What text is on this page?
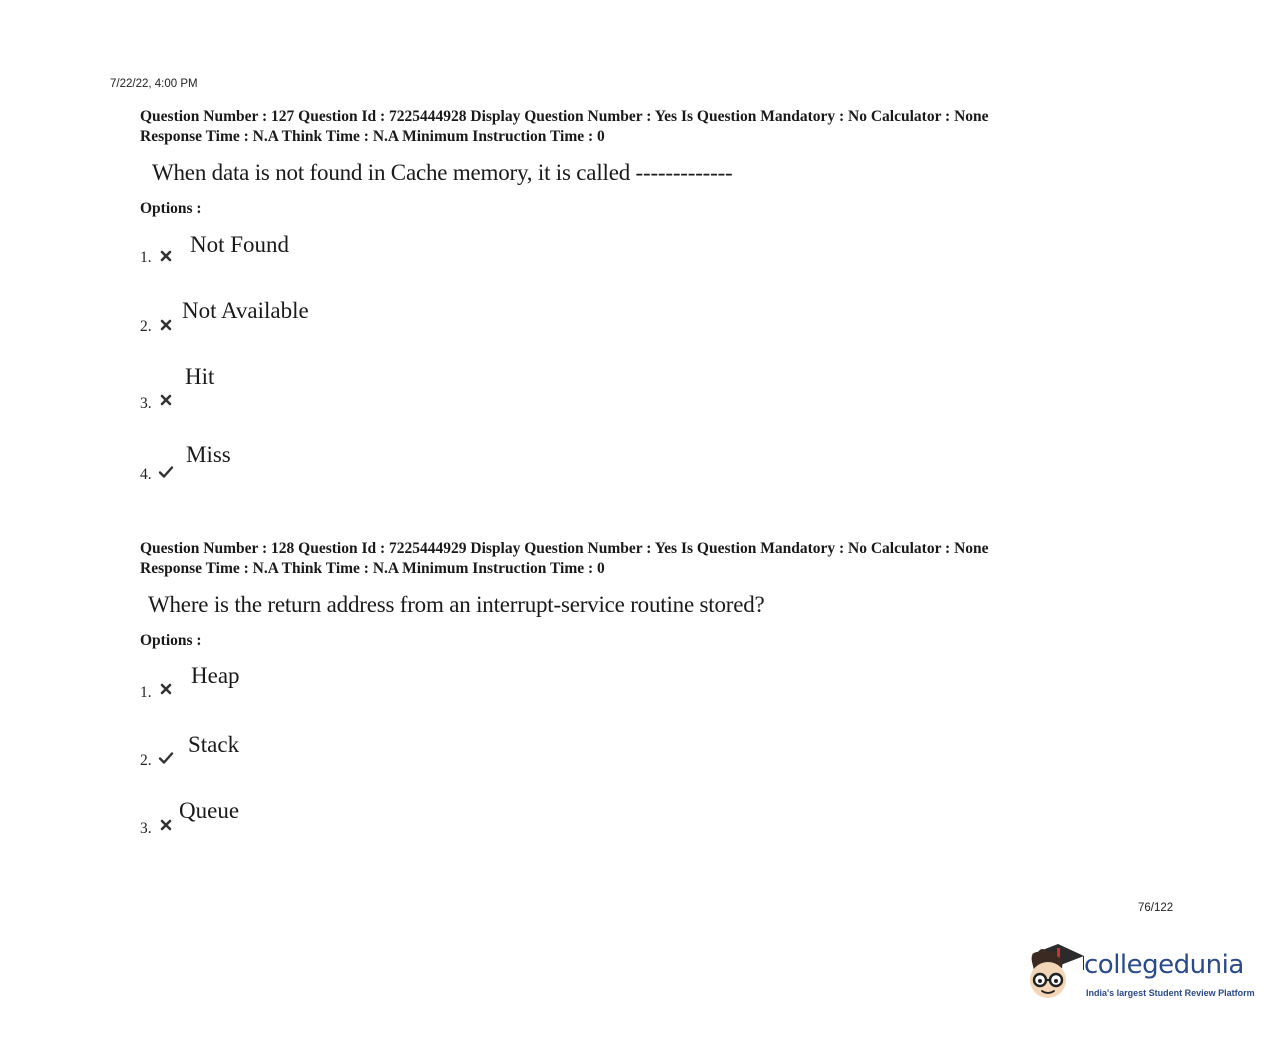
7/22/22, 4:00 PM
Question Number : 127 Question Id : 7225444928 Display Question Number : Yes Is Question Mandatory : No Calculator : None
Response Time : N.A Think Time : N.A Minimum Instruction Time : 0
When data is not found in Cache memory, it is called -------------
Options :
1.
Not Found
2.
Not Available
3.
Hit
4.
Miss
Question Number : 128 Question Id : 7225444929 Display Question Number : Yes Is Question Mandatory : No Calculator : None
Response Time : N.A Think Time : N.A Minimum Instruction Time : 0
Where is the return address from an interrupt-service routine stored?
Options :
1.
Heap
2.
Stack
3.
Queue
76/122
collegedunia
India's largest Student Review Platform
